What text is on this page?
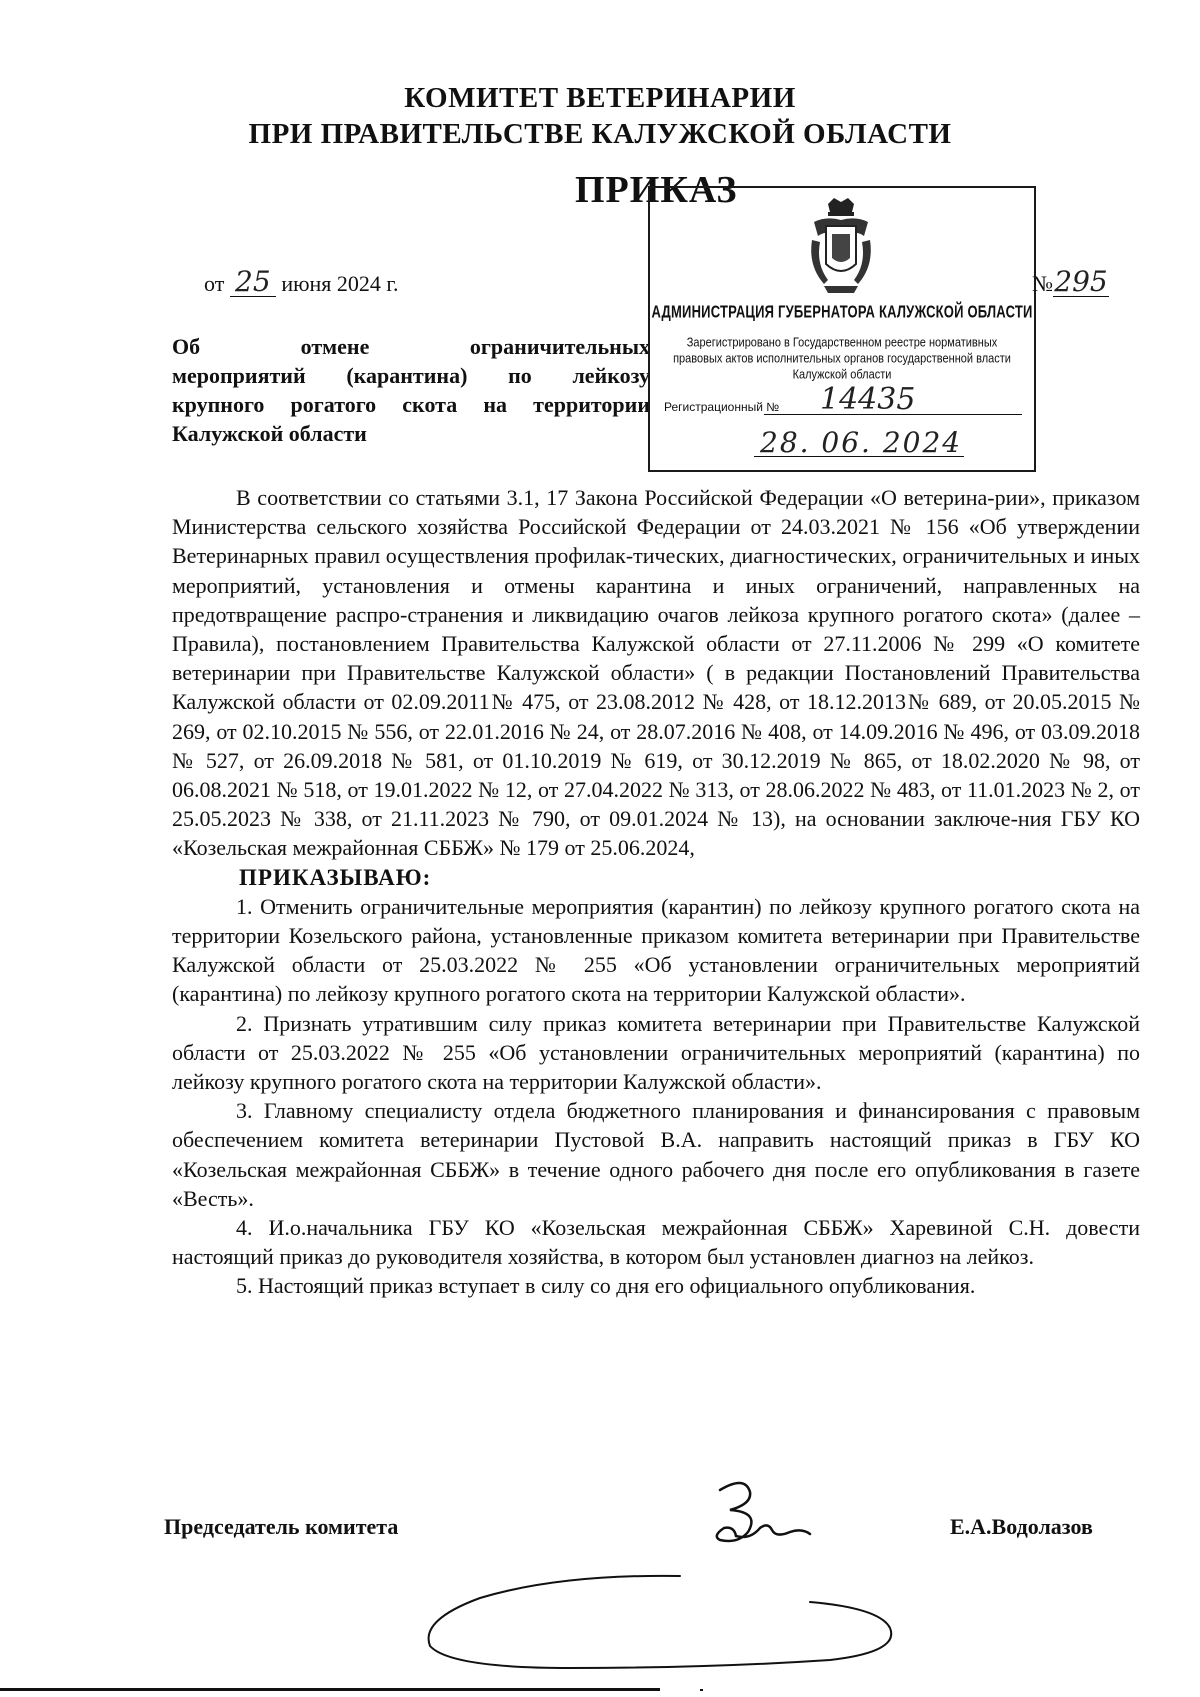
КОМИТЕТ ВЕТЕРИНАРИИ
ПРИ ПРАВИТЕЛЬСТВЕ КАЛУЖСКОЙ ОБЛАСТИ
ПРИКАЗ
от 25 июня 2024 г.	№295

Об отмене ограничительных

мероприятий (карантина) по лейкозу

крупного рогатого скота на территории

Калужской области

АДМИНИСТРАЦИЯ ГУБЕРНАТОРА КАЛУЖСКОЙ ОБЛАСТИ
Зарегистрировано в Государственном реестре нормативных
правовых актов исполнительных органов государственной власти
Калужской области
Регистрационный № 14435
28. 06. 2024

В соответствии со статьями 3.1, 17 Закона Российской Федерации «О ветерина-рии», приказом Министерства сельского хозяйства Российской Федерации от 24.03.2021 № 156 «Об утверждении Ветеринарных правил осуществления профилак-тических, диагностических, ограничительных и иных мероприятий, установления и отмены карантина и иных ограничений, направленных на предотвращение распро-странения и ликвидацию очагов лейкоза крупного рогатого скота» (далее – Правила), постановлением Правительства Калужской области от 27.11.2006 № 299 «О комитете ветеринарии при Правительстве Калужской области» ( в редакции Постановлений Правительства Калужской области от 02.09.2011№ 475, от 23.08.2012 № 428, от 18.12.2013№ 689, от 20.05.2015 № 269, от 02.10.2015 № 556, от 22.01.2016 № 24, от 28.07.2016 № 408, от 14.09.2016 № 496, от 03.09.2018 № 527, от 26.09.2018 № 581, от 01.10.2019 № 619, от 30.12.2019 № 865, от 18.02.2020 № 98, от 06.08.2021 № 518, от 19.01.2022 № 12, от 27.04.2022 № 313, от 28.06.2022 № 483, от 11.01.2023 № 2, от 25.05.2023 № 338, от 21.11.2023 № 790, от 09.01.2024 № 13), на основании заключе-ния ГБУ КО «Козельская межрайонная СББЖ» № 179 от 25.06.2024,

ПРИКАЗЫВАЮ:

1. Отменить ограничительные мероприятия (карантин) по лейкозу крупного рогатого скота на территории Козельского района, установленные приказом комитета ветеринарии при Правительстве Калужской области от 25.03.2022 № 255 «Об установлении ограничительных мероприятий (карантина) по лейкозу крупного рогатого скота на территории Калужской области».

2. Признать утратившим силу приказ комитета ветеринарии при Правительстве Калужской области от 25.03.2022 № 255 «Об установлении ограничительных мероприятий (карантина) по лейкозу крупного рогатого скота на территории Калужской области».

3. Главному специалисту отдела бюджетного планирования и финансирования с правовым обеспечением комитета ветеринарии Пустовой В.А. направить настоящий приказ в ГБУ КО «Козельская межрайонная СББЖ» в течение одного рабочего дня после его опубликования в газете «Весть».

4. И.о.начальника ГБУ КО «Козельская межрайонная СББЖ» Харевиной С.Н. довести настоящий приказ до руководителя хозяйства, в котором был установлен диагноз на лейкоз.

5. Настоящий приказ вступает в силу со дня его официального опубликования.

Председатель комитета	Е.А.Водолазов
